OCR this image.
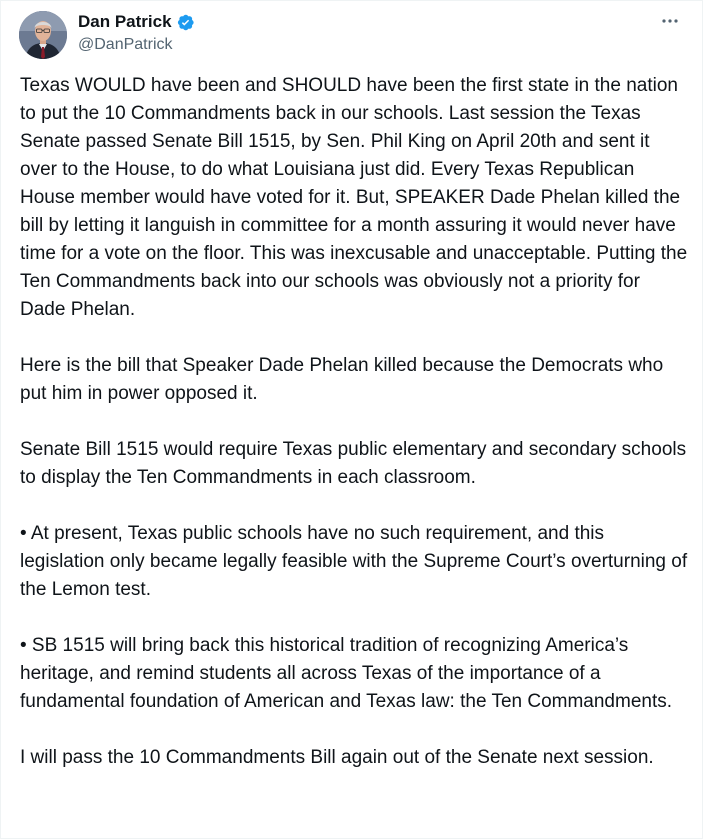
Dan Patrick
@DanPatrick

Texas WOULD have been and SHOULD have been the first state in the nation to put the 10 Commandments back in our schools. Last session the Texas Senate passed Senate Bill 1515, by Sen. Phil King on April 20th and sent it over to the House, to do what Louisiana just did. Every Texas Republican House member would have voted for it. But, SPEAKER Dade Phelan killed the bill by letting it languish in committee for a month assuring it would never have time for a vote on the floor. This was inexcusable and unacceptable. Putting the Ten Commandments back into our schools was obviously not a priority for Dade Phelan.

Here is the bill that Speaker Dade Phelan killed because the Democrats who put him in power opposed it.

Senate Bill 1515 would require Texas public elementary and secondary schools to display the Ten Commandments in each classroom.

• At present, Texas public schools have no such requirement, and this legislation only became legally feasible with the Supreme Court’s overturning of the Lemon test.

• SB 1515 will bring back this historical tradition of recognizing America’s heritage, and remind students all across Texas of the importance of a fundamental foundation of American and Texas law: the Ten Commandments.

I will pass the 10 Commandments Bill again out of the Senate next session.
